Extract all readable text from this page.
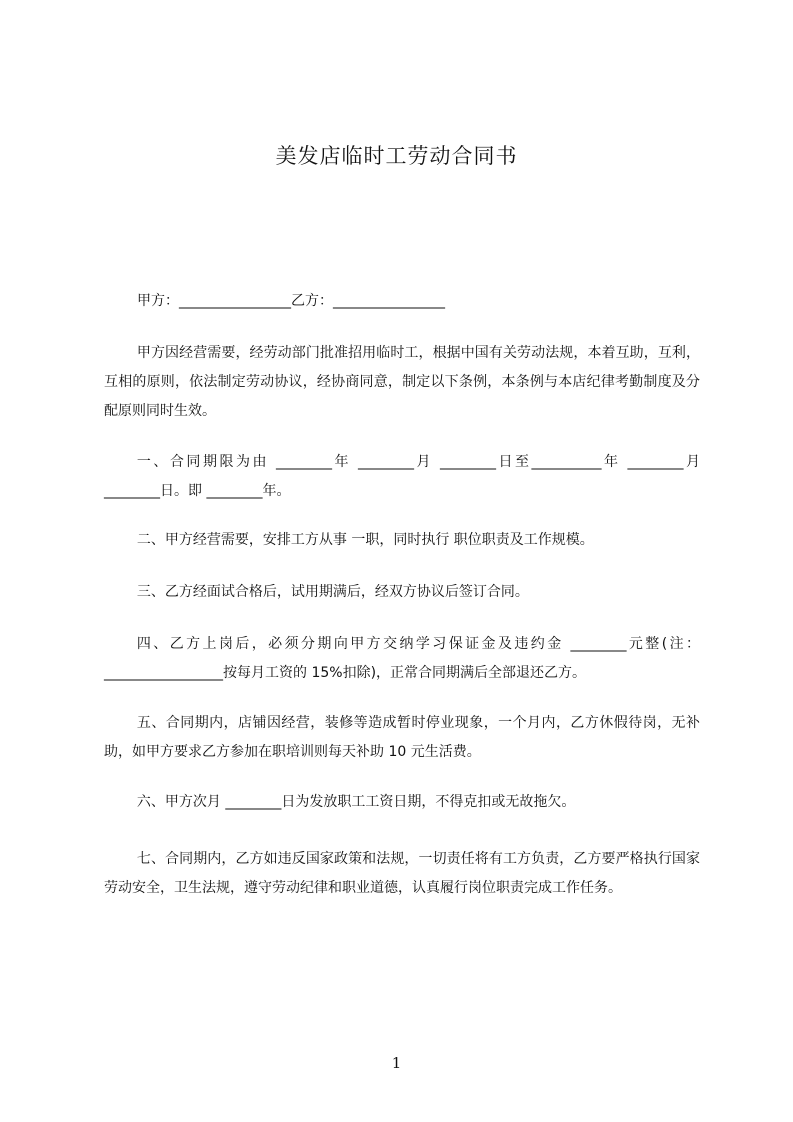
美发店临时工劳动合同书
甲方：________________乙方：________________
甲方因经营需要，经劳动部门批准招用临时工，根据中国有关劳动法规，本着互助，互利，互相的原则，依法制定劳动协议，经协商同意，制定以下条例，本条例与本店纪律考勤制度及分配原则同时生效。
一、合同期限为由 ________年 ________月 ________日至__________年 ________月 ________日。即 ________年。
二、甲方经营需要，安排工方从事 一职，同时执行 职位职责及工作规模。
三、乙方经面试合格后，试用期满后，经双方协议后签订合同。
四、乙方上岗后，必须分期向甲方交纳学习保证金及违约金 ________元整(注：_________________按每月工资的 15%扣除)，正常合同期满后全部退还乙方。
五、合同期内，店铺因经营，装修等造成暂时停业现象，一个月内，乙方休假待岗，无补助，如甲方要求乙方参加在职培训则每天补助 10 元生活费。
六、甲方次月 ________日为发放职工工资日期，不得克扣或无故拖欠。
七、合同期内，乙方如违反国家政策和法规，一切责任将有工方负责，乙方要严格执行国家劳动安全，卫生法规，遵守劳动纪律和职业道德，认真履行岗位职责完成工作任务。
1
